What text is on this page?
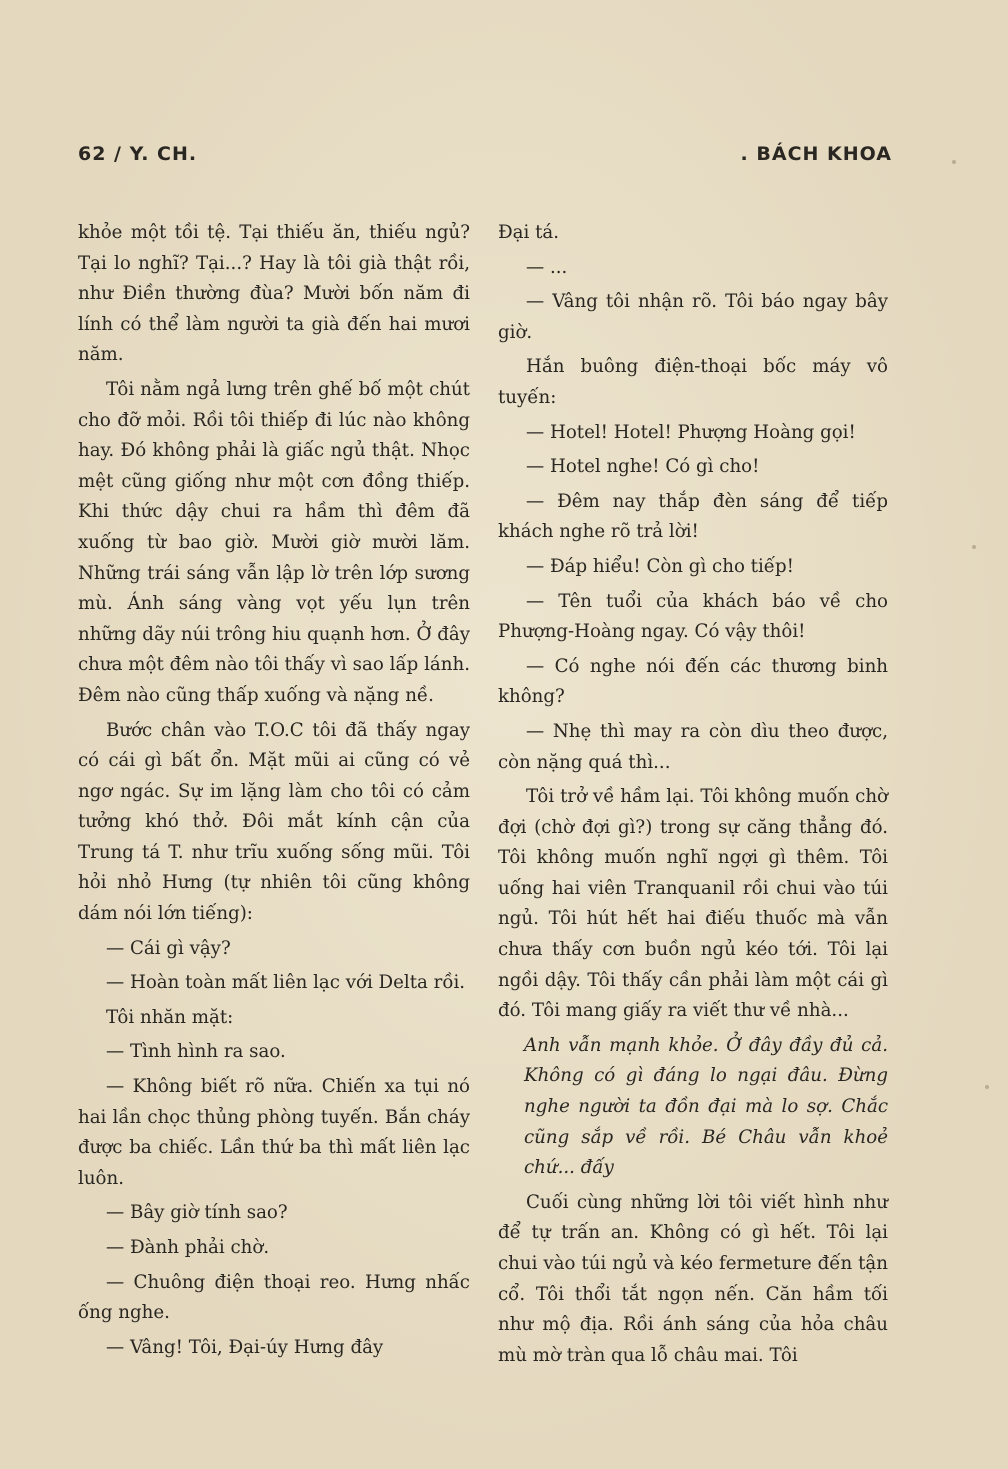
62 / Y. CH.	. BÁCH KHOA

khỏe một tồi tệ. Tại thiếu ăn, thiếu ngủ? Tại lo nghĩ? Tại...? Hay là tôi già thật rồi, như Điền thường đùa? Mười bốn năm đi lính có thể làm người ta già đến hai mươi năm.

Tôi nằm ngả lưng trên ghế bố một chút cho đỡ mỏi. Rồi tôi thiếp đi lúc nào không hay. Đó không phải là giấc ngủ thật. Nhọc mệt cũng giống như một cơn đồng thiếp. Khi thức dậy chui ra hầm thì đêm đã xuống từ bao giờ. Mười giờ mười lăm. Những trái sáng vẫn lập lờ trên lớp sương mù. Ánh sáng vàng vọt yếu lụn trên những dãy núi trông hiu quạnh hơn. Ở đây chưa một đêm nào tôi thấy vì sao lấp lánh. Đêm nào cũng thấp xuống và nặng nề.

Bước chân vào T.O.C tôi đã thấy ngay có cái gì bất ổn. Mặt mũi ai cũng có vẻ ngơ ngác. Sự im lặng làm cho tôi có cảm tưởng khó thở. Đôi mắt kính cận của Trung tá T. như trĩu xuống sống mũi. Tôi hỏi nhỏ Hưng (tự nhiên tôi cũng không dám nói lớn tiếng):

— Cái gì vậy?

— Hoàn toàn mất liên lạc với Delta rồi.

Tôi nhăn mặt:

— Tình hình ra sao.

— Không biết rõ nữa. Chiến xa tụi nó hai lần chọc thủng phòng tuyến. Bắn cháy được ba chiếc. Lần thứ ba thì mất liên lạc luôn.

— Bây giờ tính sao?

— Đành phải chờ.

— Chuông điện thoại reo. Hưng nhấc ống nghe.

— Vâng! Tôi, Đại-úy Hưng đây

Đại tá.

— ...

— Vâng tôi nhận rõ. Tôi báo ngay bây giờ.

Hắn buông điện-thoại bốc máy vô tuyến:

— Hotel! Hotel! Phượng Hoàng gọi!

— Hotel nghe! Có gì cho!

— Đêm nay thắp đèn sáng để tiếp khách nghe rõ trả lời!

— Đáp hiểu! Còn gì cho tiếp!

— Tên tuổi của khách báo về cho Phượng-Hoàng ngay. Có vậy thôi!

— Có nghe nói đến các thương binh không?

— Nhẹ thì may ra còn dìu theo được, còn nặng quá thì...

Tôi trở về hầm lại. Tôi không muốn chờ đợi (chờ đợi gì?) trong sự căng thẳng đó. Tôi không muốn nghĩ ngợi gì thêm. Tôi uống hai viên Tranquanil rồi chui vào túi ngủ. Tôi hút hết hai điếu thuốc mà vẫn chưa thấy cơn buồn ngủ kéo tới. Tôi lại ngồi dậy. Tôi thấy cần phải làm một cái gì đó. Tôi mang giấy ra viết thư về nhà...

Anh vẫn mạnh khỏe. Ở đây đầy đủ cả. Không có gì đáng lo ngại đâu. Đừng nghe người ta đồn đại mà lo sợ. Chắc cũng sắp về rồi. Bé Châu vẫn khoẻ chứ... đấy

Cuối cùng những lời tôi viết hình như để tự trấn an. Không có gì hết. Tôi lại chui vào túi ngủ và kéo fermeture đến tận cổ. Tôi thổi tắt ngọn nến. Căn hầm tối như mộ địa. Rồi ánh sáng của hỏa châu mù mờ tràn qua lỗ châu mai. Tôi
